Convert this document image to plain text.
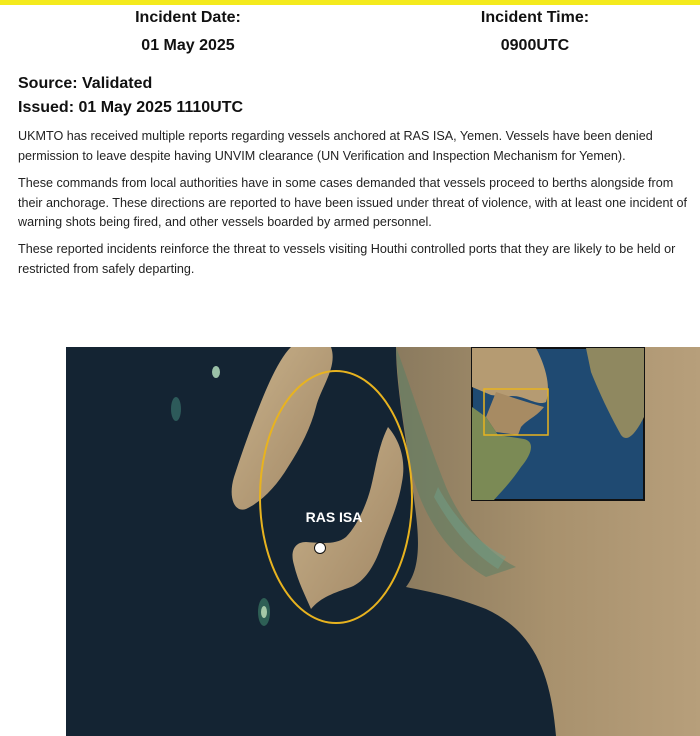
Incident Date:
01 May 2025
Incident Time:
0900UTC
Source: Validated
Issued: 01 May 2025 1110UTC

UKMTO has received multiple reports regarding vessels anchored at RAS ISA, Yemen. Vessels have been denied permission to leave despite having UNVIM clearance (UN Verification and Inspection Mechanism for Yemen).

These commands from local authorities have in some cases demanded that vessels proceed to berths alongside from their anchorage. These directions are reported to have been issued under threat of violence, with at least one incident of warning shots being fired, and other vessels boarded by armed personnel.

These reported incidents reinforce the threat to vessels visiting Houthi controlled ports that they are likely to be held or restricted from safely departing.

RAS ISA
